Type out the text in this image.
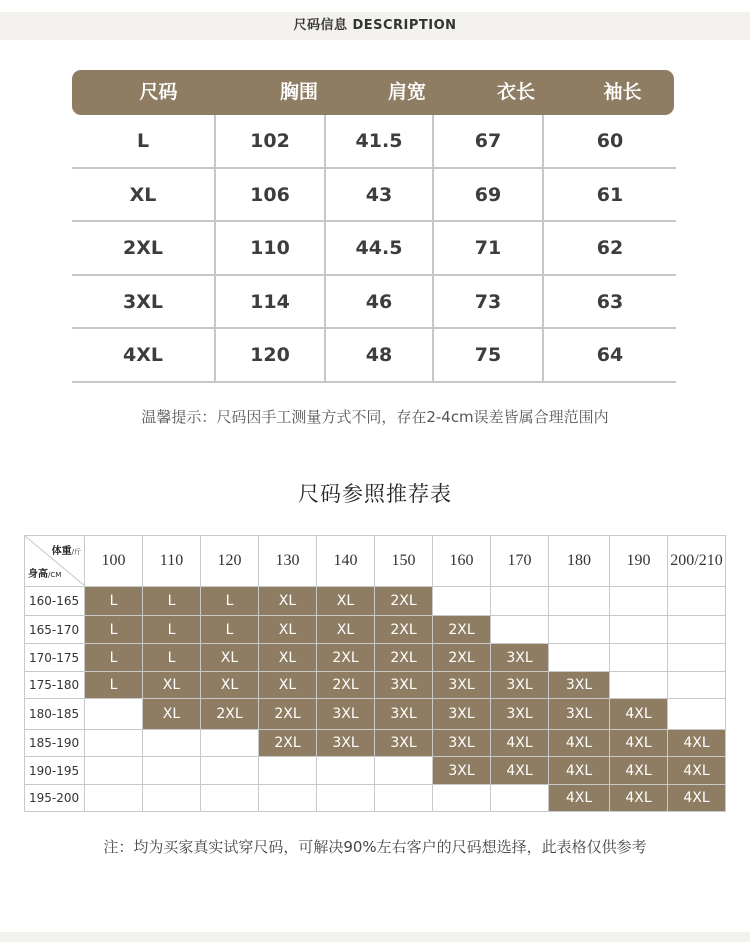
尺码信息 DESCRIPTION
尺码	胸围	肩宽	衣长	袖长
L	102	41.5	67	60
XL	106	43	69	61
2XL	110	44.5	71	62
3XL	114	46	73	63
4XL	120	48	75	64
温馨提示：尺码因手工测量方式不同，存在2-4cm误差皆属合理范围内
尺码参照推荐表
体重/斤
身高/CM	100	110	120	130	140	150	160	170	180	190	200/210
160-165	L	L	L	XL	XL	2XL					
165-170	L	L	L	XL	XL	2XL	2XL				
170-175	L	L	XL	XL	2XL	2XL	2XL	3XL			
175-180	L	XL	XL	XL	2XL	3XL	3XL	3XL	3XL		
180-185		XL	2XL	2XL	3XL	3XL	3XL	3XL	3XL	4XL	
185-190				2XL	3XL	3XL	3XL	4XL	4XL	4XL	4XL
190-195							3XL	4XL	4XL	4XL	4XL
195-200									4XL	4XL	4XL
注：均为买家真实试穿尺码，可解决90%左右客户的尺码想选择，此表格仅供参考
